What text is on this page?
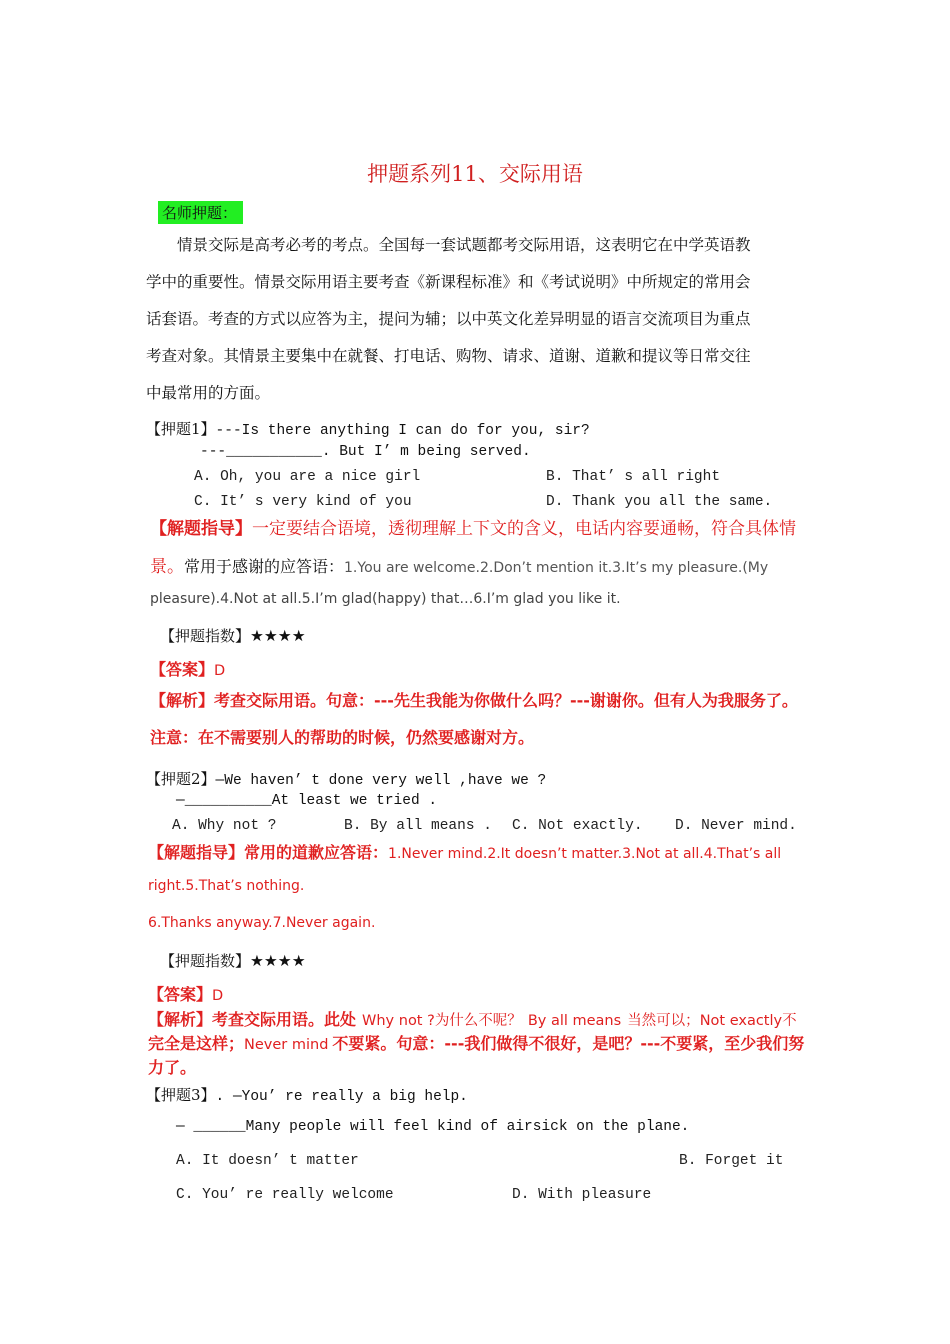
押题系列11、交际用语
名师押题：
　　情景交际是高考必考的考点。全国每一套试题都考交际用语，这表明它在中学英语教
学中的重要性。情景交际用语主要考查《新课程标准》和《考试说明》中所规定的常用会
话套语。考查的方式以应答为主，提问为辅；以中英文化差异明显的语言交流项目为重点
考查对象。其情景主要集中在就餐、打电话、购物、请求、道谢、道歉和提议等日常交往
中最常用的方面。
【押题1】---Is there anything I can do for you, sir?
---___________. But I’ m being served.
A. Oh, you are a nice girl	B. That’ s all right
C. It’ s very kind of you	D. Thank you all the same.
【解题指导】一定要结合语境，透彻理解上下文的含义，电话内容要通畅，符合具体情
景。常用于感谢的应答语：1.You are welcome.2.Don’t mention it.3.It’s my pleasure.(My
pleasure).4.Not at all.5.I’m glad(happy) that…6.I’m glad you like it.
【押题指数】★★★★
【答案】D
【解析】考查交际用语。句意：---先生我能为你做什么吗？---谢谢你。但有人为我服务了。
注意：在不需要别人的帮助的时候，仍然要感谢对方。
【押题2】—We haven’ t done very well ,have we ?
—__________At least we tried .
A. Why not ?	B. By all means . C. Not exactly. D. Never mind.
【解题指导】常用的道歉应答语：1.Never mind.2.It doesn’t matter.3.Not at all.4.That’s all
right.5.That’s nothing.
6.Thanks anyway.7.Never again.
【押题指数】★★★★
【答案】D
【解析】考查交际用语。此处 Why not ?为什么不呢？ By all means 当然可以；Not exactly不
完全是这样；Never mind 不要紧。句意：---我们做得不很好，是吧？---不要紧，至少我们努
力了。
【押题3】. —You’ re really a big help.
— ______Many people will feel kind of airsick on the plane.
A. It doesn’ t matter	B. Forget it
C. You’ re really welcome	D. With pleasure
